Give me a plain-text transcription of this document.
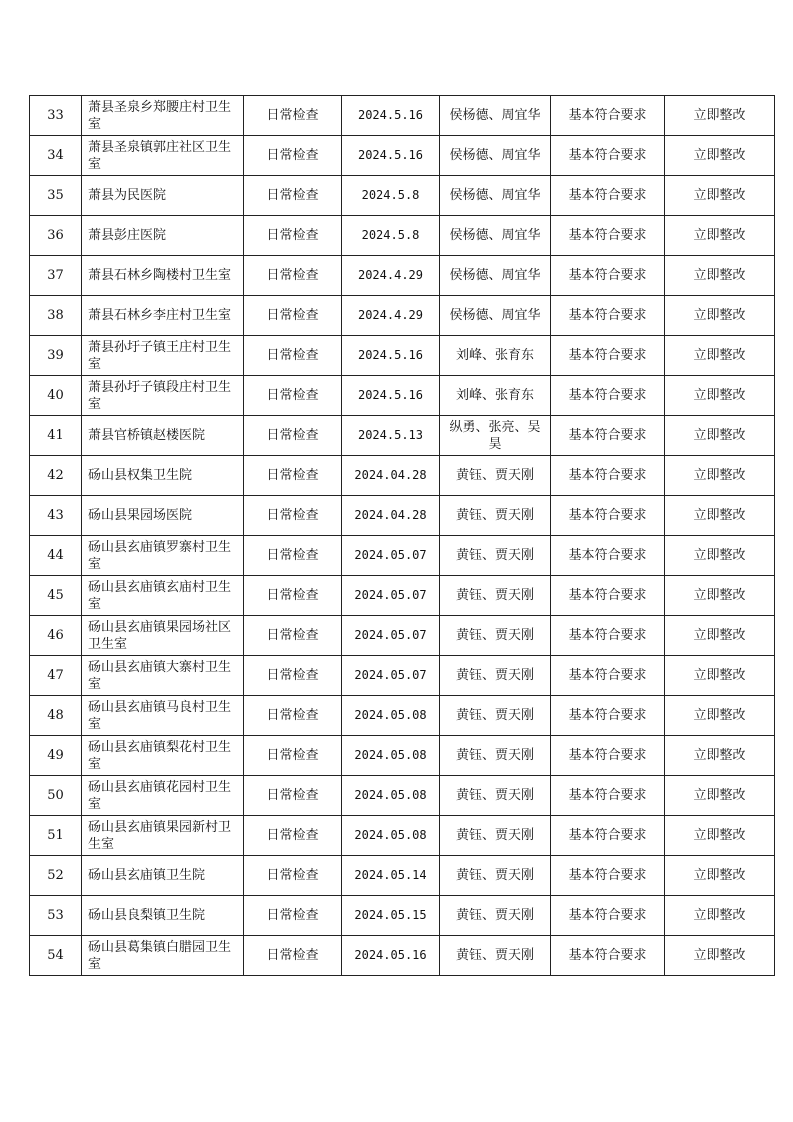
33	萧县圣泉乡郑腰庄村卫生室	日常检查	2024.5.16	侯杨德、周宜华	基本符合要求	立即整改
34	萧县圣泉镇郭庄社区卫生室	日常检查	2024.5.16	侯杨德、周宜华	基本符合要求	立即整改
35	萧县为民医院	日常检查	2024.5.8	侯杨德、周宜华	基本符合要求	立即整改
36	萧县彭庄医院	日常检查	2024.5.8	侯杨德、周宜华	基本符合要求	立即整改
37	萧县石林乡陶楼村卫生室	日常检查	2024.4.29	侯杨德、周宜华	基本符合要求	立即整改
38	萧县石林乡李庄村卫生室	日常检查	2024.4.29	侯杨德、周宜华	基本符合要求	立即整改
39	萧县孙圩子镇王庄村卫生室	日常检查	2024.5.16	刘峰、张育东	基本符合要求	立即整改
40	萧县孙圩子镇段庄村卫生室	日常检查	2024.5.16	刘峰、张育东	基本符合要求	立即整改
41	萧县官桥镇赵楼医院	日常检查	2024.5.13	纵勇、张亮、吴昊	基本符合要求	立即整改
42	砀山县权集卫生院	日常检查	2024.04.28	黄钰、贾天刚	基本符合要求	立即整改
43	砀山县果园场医院	日常检查	2024.04.28	黄钰、贾天刚	基本符合要求	立即整改
44	砀山县玄庙镇罗寨村卫生室	日常检查	2024.05.07	黄钰、贾天刚	基本符合要求	立即整改
45	砀山县玄庙镇玄庙村卫生室	日常检查	2024.05.07	黄钰、贾天刚	基本符合要求	立即整改
46	砀山县玄庙镇果园场社区卫生室	日常检查	2024.05.07	黄钰、贾天刚	基本符合要求	立即整改
47	砀山县玄庙镇大寨村卫生室	日常检查	2024.05.07	黄钰、贾天刚	基本符合要求	立即整改
48	砀山县玄庙镇马良村卫生室	日常检查	2024.05.08	黄钰、贾天刚	基本符合要求	立即整改
49	砀山县玄庙镇梨花村卫生室	日常检查	2024.05.08	黄钰、贾天刚	基本符合要求	立即整改
50	砀山县玄庙镇花园村卫生室	日常检查	2024.05.08	黄钰、贾天刚	基本符合要求	立即整改
51	砀山县玄庙镇果园新村卫生室	日常检查	2024.05.08	黄钰、贾天刚	基本符合要求	立即整改
52	砀山县玄庙镇卫生院	日常检查	2024.05.14	黄钰、贾天刚	基本符合要求	立即整改
53	砀山县良梨镇卫生院	日常检查	2024.05.15	黄钰、贾天刚	基本符合要求	立即整改
54	砀山县葛集镇白腊园卫生室	日常检查	2024.05.16	黄钰、贾天刚	基本符合要求	立即整改
